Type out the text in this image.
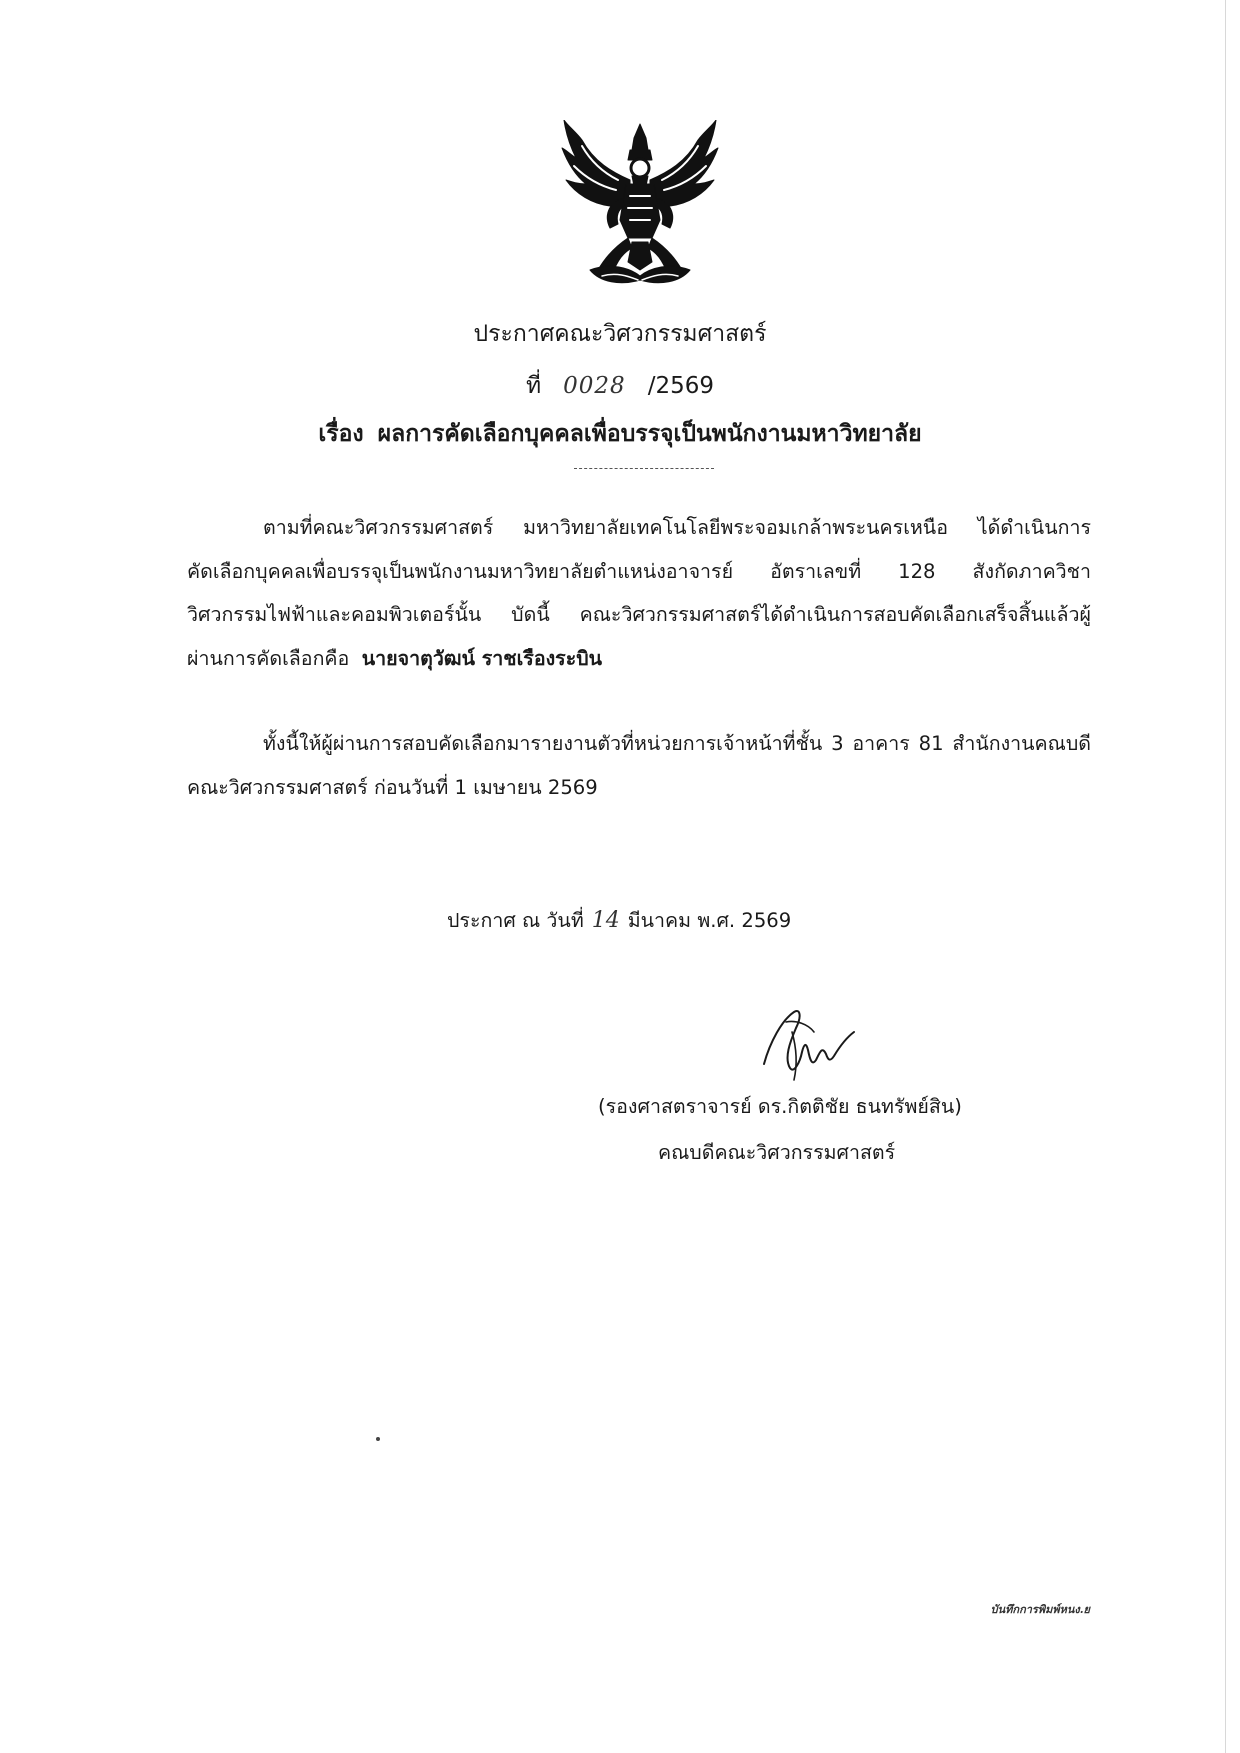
ประกาศคณะวิศวกรรมศาสตร์
ที่ 0028 /2569
เรื่อง ผลการคัดเลือกบุคคลเพื่อบรรจุเป็นพนักงานมหาวิทยาลัย
ตามที่คณะวิศวกรรมศาสตร์ มหาวิทยาลัยเทคโนโลยีพระจอมเกล้าพระนครเหนือ ได้ดำเนินการ
คัดเลือกบุคคลเพื่อบรรจุเป็นพนักงานมหาวิทยาลัยตำแหน่งอาจารย์ อัตราเลขที่ 128 สังกัดภาควิชา
วิศวกรรมไฟฟ้าและคอมพิวเตอร์นั้น บัดนี้ คณะวิศวกรรมศาสตร์ได้ดำเนินการสอบคัดเลือกเสร็จสิ้นแล้วผู้
ผ่านการคัดเลือกคือ นายจาตุวัฒน์ ราชเรืองระบิน
ทั้งนี้ให้ผู้ผ่านการสอบคัดเลือกมารายงานตัวที่หน่วยการเจ้าหน้าที่ชั้น 3 อาคาร 81 สำนักงานคณบดี
คณะวิศวกรรมศาสตร์ ก่อนวันที่ 1 เมษายน 2569
ประกาศ ณ วันที่ 14 มีนาคม พ.ศ. 2569
(รองศาสตราจารย์ ดร.กิตติชัย ธนทรัพย์สิน)
คณบดีคณะวิศวกรรมศาสตร์
บันทึกการพิมพ์หนง.ย
